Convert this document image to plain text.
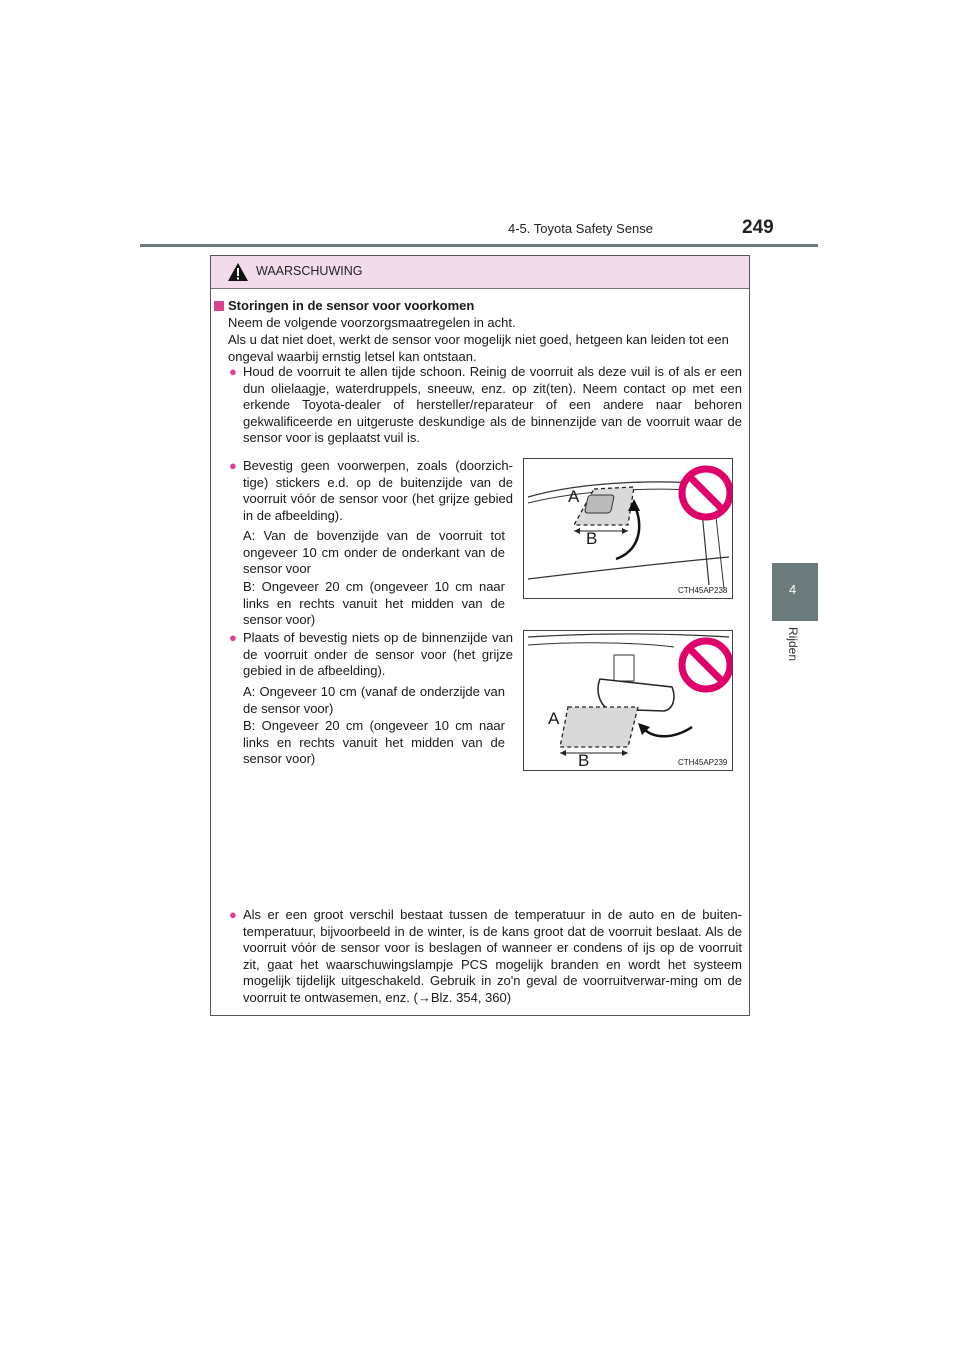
4-5. Toyota Safety Sense	249
4
Rijden
WAARSCHUWING
Storingen in de sensor voor voorkomen
Neem de volgende voorzorgsmaatregelen in acht.
Als u dat niet doet, werkt de sensor voor mogelijk niet goed, hetgeen kan leiden tot een ongeval waarbij ernstig letsel kan ontstaan.
● Houd de voorruit te allen tijde schoon. Reinig de voorruit als deze vuil is of als er een dun olielaagje, waterdruppels, sneeuw, enz. op zit(ten). Neem contact op met een erkende Toyota-dealer of hersteller/reparateur of een andere naar behoren gekwalificeerde en uitgeruste deskundige als de binnenzijde van de voorruit waar de sensor voor is geplaatst vuil is.
● Bevestig geen voorwerpen, zoals (doorzich-tige) stickers e.d. op de buitenzijde van de voorruit vóór de sensor voor (het grijze gebied in de afbeelding).
A: Van de bovenzijde van de voorruit tot ongeveer 10 cm onder de onderkant van de sensor voor
B: Ongeveer 20 cm (ongeveer 10 cm naar links en rechts vanuit het midden van de sensor voor)
A
B
CTH45AP238
● Plaats of bevestig niets op de binnenzijde van de voorruit onder de sensor voor (het grijze gebied in de afbeelding).
A: Ongeveer 10 cm (vanaf de onderzijde van de sensor voor)
B: Ongeveer 20 cm (ongeveer 10 cm naar links en rechts vanuit het midden van de sensor voor)
A
B	CTH45AP239
● Als er een groot verschil bestaat tussen de temperatuur in de auto en de buiten-temperatuur, bijvoorbeeld in de winter, is de kans groot dat de voorruit beslaat. Als de voorruit vóór de sensor voor is beslagen of wanneer er condens of ijs op de voorruit zit, gaat het waarschuwingslampje PCS mogelijk branden en wordt het systeem mogelijk tijdelijk uitgeschakeld. Gebruik in zo'n geval de voorruitverwar-ming om de voorruit te ontwasemen, enz. (→Blz. 354, 360)
